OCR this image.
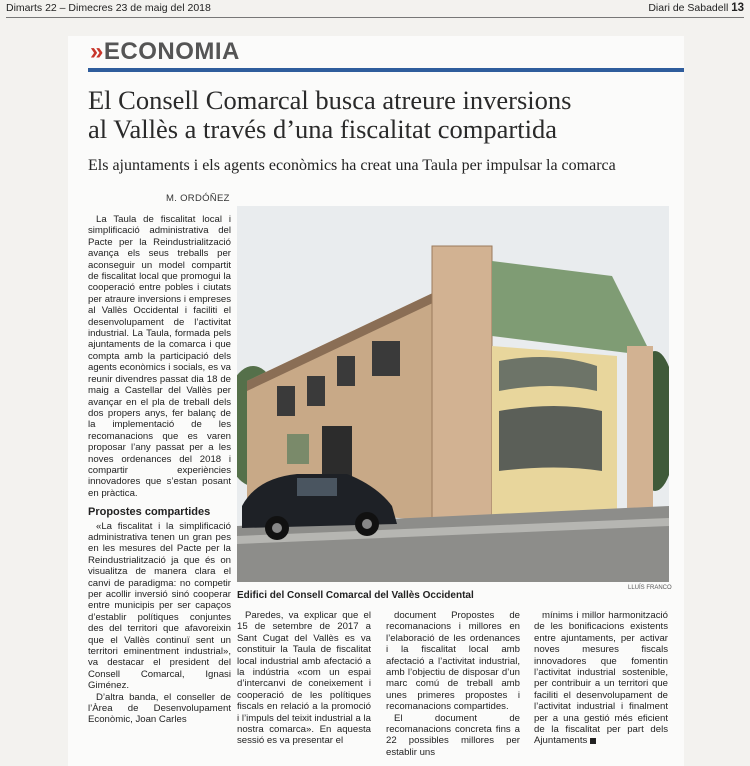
Dimarts 22 – Dimecres 23 de maig del 2018	Diari de Sabadell 13
»ECONOMIA
El Consell Comarcal busca atreure inversions
al Vallès a través d’una fiscalitat compartida
Els ajuntaments i els agents econòmics ha creat una Taula per impulsar la comarca
M. ORDÓÑEZ

La Taula de fiscalitat local i simplificació administrativa del Pacte per la Reindustrialització avança els seus treballs per aconseguir un model compartit de fiscalitat local que promogui la cooperació entre pobles i ciutats per atraure inversions i empreses al Vallès Occidental i faciliti el desenvolupament de l’activitat industrial. La Taula, formada pels ajuntaments de la comarca i que compta amb la participació dels agents econòmics i socials, es va reunir divendres passat dia 18 de maig a Castellar del Vallès per avançar en el pla de treball dels dos propers anys, fer balanç de la implementació de les recomanacions que es varen proposar l’any passat per a les noves ordenances del 2018 i compartir experiències innovadores que s’estan posant en pràctica.

Propostes compartides

«La fiscalitat i la simplificació administrativa tenen un gran pes en les mesures del Pacte per la Reindustrialització ja que és on visualitza de manera clara el canvi de paradigma: no competir per acollir inversió sinó cooperar entre municipis per ser capaços d’establir polítiques conjuntes des del territori que afavoreixin que el Vallès continuï sent un territori eminentment industrial», va destacar el president del Consell Comarcal, Ignasi Giménez.

D’altra banda, el conseller de l’Àrea de Desenvolupament Econòmic, Joan Carles

LLUÍS FRANCO
Edifici del Consell Comarcal del Vallès Occidental

Paredes, va explicar que el 15 de setembre de 2017 a Sant Cugat del Vallès es va constituir la Taula de fiscalitat local industrial amb afectació a la indústria «com un espai d’intercanvi de coneixement i cooperació de les polítiques fiscals en relació a la promoció i l’impuls del teixit industrial a la nostra comarca». En aquesta sessió es va presentar el

document Propostes de recomanacions i millores en l’elaboració de les ordenances i la fiscalitat local amb afectació a l’activitat industrial, amb l’objectiu de disposar d’un marc comú de treball amb unes primeres propostes i recomanacions compartides.

El document de recomanacions concreta fins a 22 possibles millores per establir uns

mínims i millor harmonització de les bonificacions existents entre ajuntaments, per activar noves mesures fiscals innovadores que fomentin l’activitat industrial sostenible, per contribuir a un territori que faciliti el desenvolupament de l’activitat industrial i finalment per a una gestió més eficient de la fiscalitat per part dels Ajuntaments
